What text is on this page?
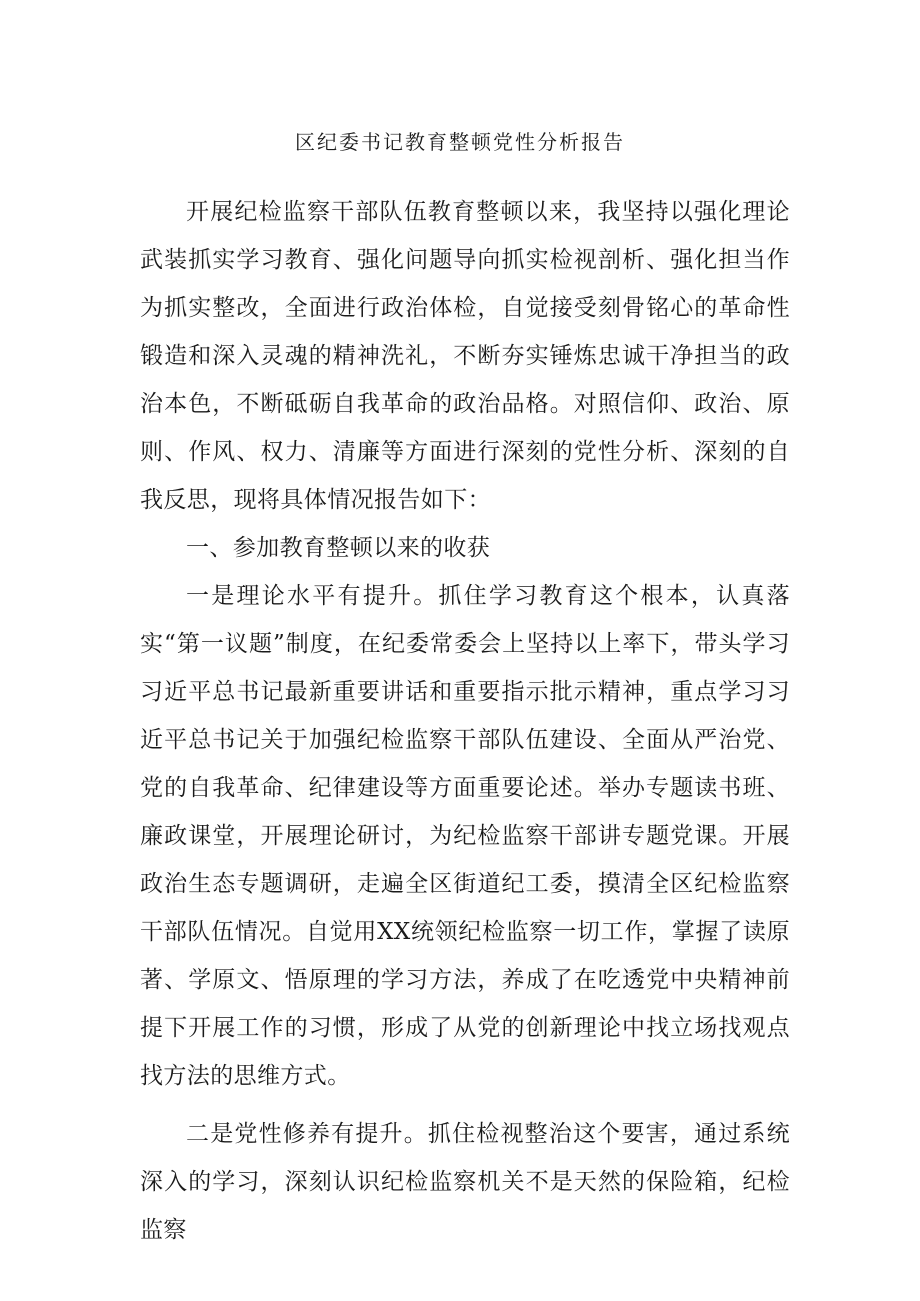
区纪委书记教育整顿党性分析报告

开展纪检监察干部队伍教育整顿以来，我坚持以强化理论武装抓实学习教育、强化问题导向抓实检视剖析、强化担当作为抓实整改，全面进行政治体检，自觉接受刻骨铭心的革命性锻造和深入灵魂的精神洗礼，不断夯实锤炼忠诚干净担当的政治本色，不断砥砺自我革命的政治品格。对照信仰、政治、原则、作风、权力、清廉等方面进行深刻的党性分析、深刻的自我反思，现将具体情况报告如下：

一、参加教育整顿以来的收获

一是理论水平有提升。抓住学习教育这个根本，认真落实“第一议题”制度，在纪委常委会上坚持以上率下，带头学习习近平总书记最新重要讲话和重要指示批示精神，重点学习习近平总书记关于加强纪检监察干部队伍建设、全面从严治党、党的自我革命、纪律建设等方面重要论述。举办专题读书班、廉政课堂，开展理论研讨，为纪检监察干部讲专题党课。开展政治生态专题调研，走遍全区街道纪工委，摸清全区纪检监察干部队伍情况。自觉用XX统领纪检监察一切工作，掌握了读原著、学原文、悟原理的学习方法，养成了在吃透党中央精神前提下开展工作的习惯，形成了从党的创新理论中找立场找观点找方法的思维方式。

二是党性修养有提升。抓住检视整治这个要害，通过系统深入的学习，深刻认识纪检监察机关不是天然的保险箱，纪检监察
